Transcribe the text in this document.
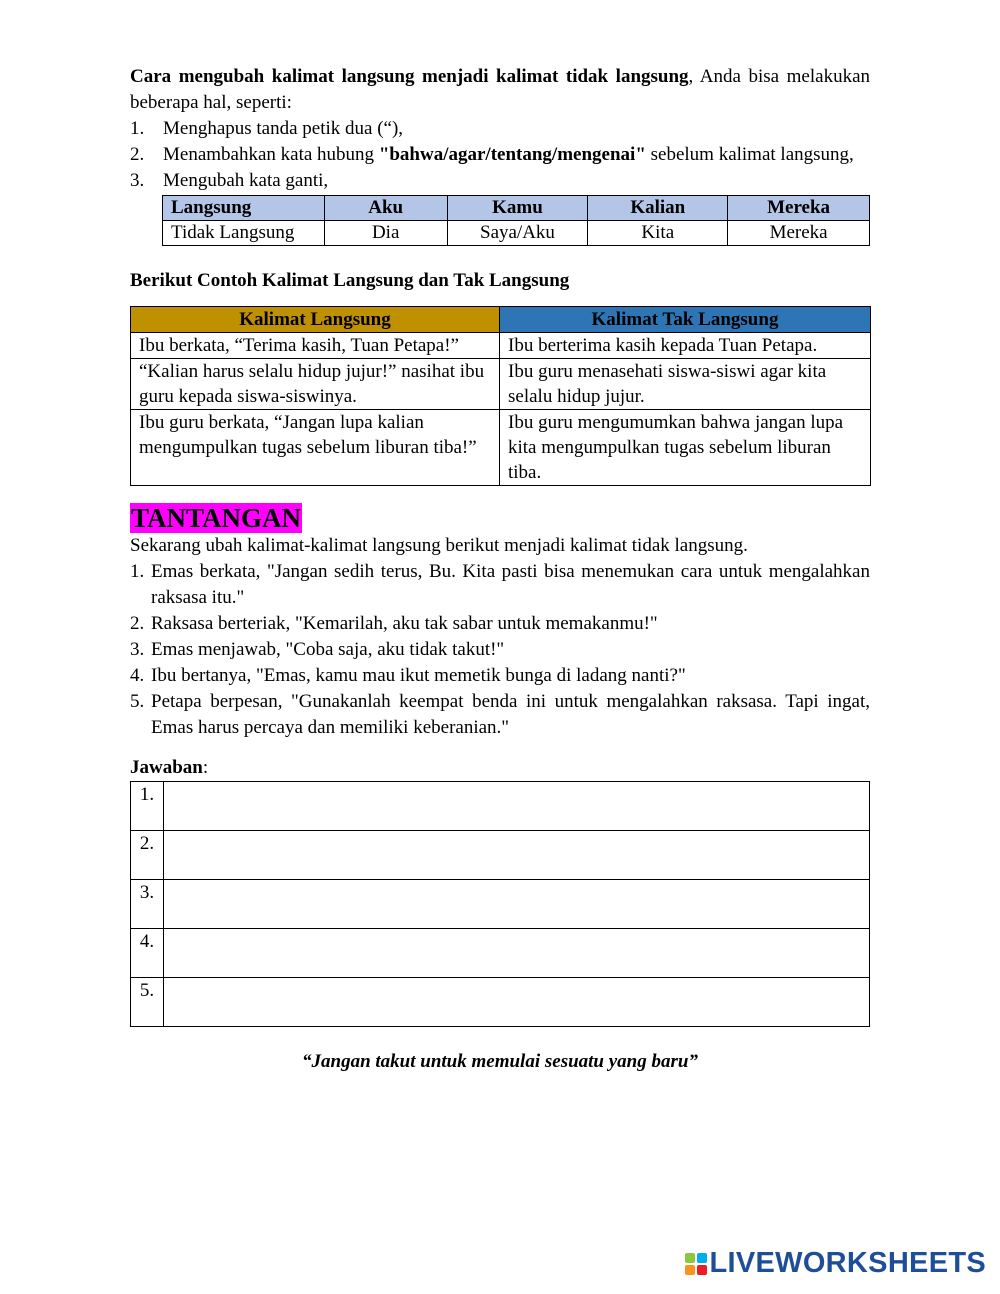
Cara mengubah kalimat langsung menjadi kalimat tidak langsung, Anda bisa melakukan beberapa hal, seperti:

1. Menghapus tanda petik dua (“),
2. Menambahkan kata hubung "bahwa/agar/tentang/mengenai" sebelum kalimat langsung,
3. Mengubah kata ganti,
Langsung	Aku	Kamu	Kalian	Mereka
Tidak Langsung	Dia	Saya/Aku	Kita	Mereka

Berikut Contoh Kalimat Langsung dan Tak Langsung

Kalimat Langsung	Kalimat Tak Langsung
Ibu berkata, “Terima kasih, Tuan Petapa!”	Ibu berterima kasih kepada Tuan Petapa.
“Kalian harus selalu hidup jujur!” nasihat ibu guru kepada siswa-siswinya.	Ibu guru menasehati siswa-siswi agar kita selalu hidup jujur.
Ibu guru berkata, “Jangan lupa kalian mengumpulkan tugas sebelum liburan tiba!”	Ibu guru mengumumkan bahwa jangan lupa kita mengumpulkan tugas sebelum liburan tiba.
TANTANGAN

Sekarang ubah kalimat-kalimat langsung berikut menjadi kalimat tidak langsung.

1. Emas berkata, "Jangan sedih terus, Bu. Kita pasti bisa menemukan cara untuk mengalahkan raksasa itu."
2. Raksasa berteriak, "Kemarilah, aku tak sabar untuk memakanmu!"
3. Emas menjawab, "Coba saja, aku tidak takut!"
4. Ibu bertanya, "Emas, kamu mau ikut memetik bunga di ladang nanti?"
5. Petapa berpesan, "Gunakanlah keempat benda ini untuk mengalahkan raksasa. Tapi ingat, Emas harus percaya dan memiliki keberanian."

Jawaban:

1.	
2.	
3.	
4.	
5.	

“Jangan takut untuk memulai sesuatu yang baru”

LIVEWORKSHEETS
